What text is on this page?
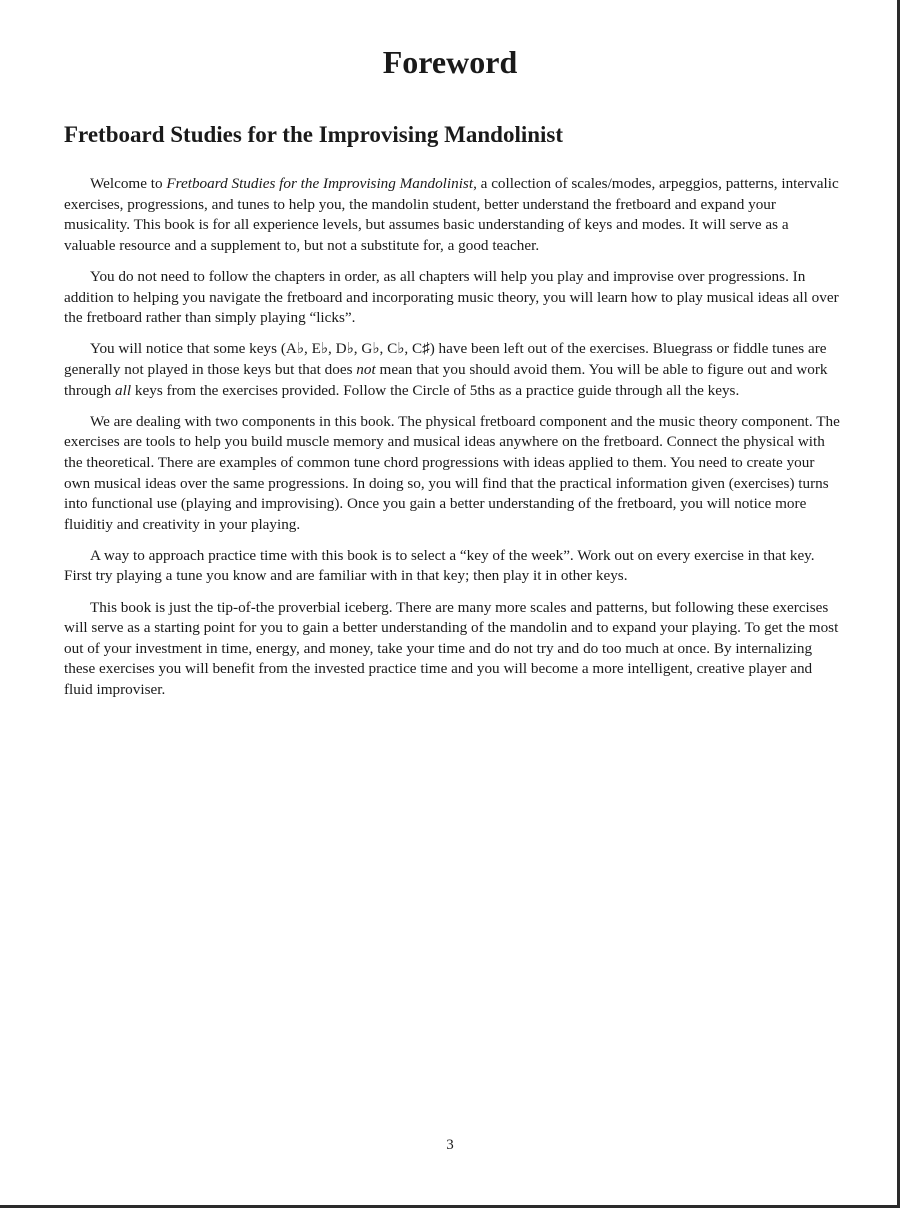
Foreword
Fretboard Studies for the Improvising Mandolinist

Welcome to Fretboard Studies for the Improvising Mandolinist, a collection of scales/modes, arpeggios, patterns, intervalic exercises, progressions, and tunes to help you, the mandolin student, better understand the fretboard and expand your musicality. This book is for all experience levels, but assumes basic understanding of keys and modes. It will serve as a valuable resource and a supplement to, but not a substitute for, a good teacher.

You do not need to follow the chapters in order, as all chapters will help you play and improvise over progressions. In addition to helping you navigate the fretboard and incorporating music theory, you will learn how to play musical ideas all over the fretboard rather than simply playing “licks”.

You will notice that some keys (A♭, E♭, D♭, G♭, C♭, C♯) have been left out of the exercises. Bluegrass or fiddle tunes are generally not played in those keys but that does not mean that you should avoid them. You will be able to figure out and work through all keys from the exercises provided. Follow the Circle of 5ths as a practice guide through all the keys.

We are dealing with two components in this book. The physical fretboard component and the music theory component. The exercises are tools to help you build muscle memory and musical ideas anywhere on the fretboard. Connect the physical with the theoretical. There are examples of common tune chord progressions with ideas applied to them. You need to create your own musical ideas over the same progressions. In doing so, you will find that the practical information given (exercises) turns into functional use (playing and improvising). Once you gain a better understanding of the fretboard, you will notice more fluiditiy and creativity in your playing.

A way to approach practice time with this book is to select a “key of the week”. Work out on every exercise in that key. First try playing a tune you know and are familiar with in that key; then play it in other keys.

This book is just the tip-of-the proverbial iceberg. There are many more scales and patterns, but following these exercises will serve as a starting point for you to gain a better understanding of the mandolin and to expand your playing. To get the most out of your investment in time, energy, and money, take your time and do not try and do too much at once. By internalizing these exercises you will benefit from the invested practice time and you will become a more intelligent, creative player and fluid improviser.

3
